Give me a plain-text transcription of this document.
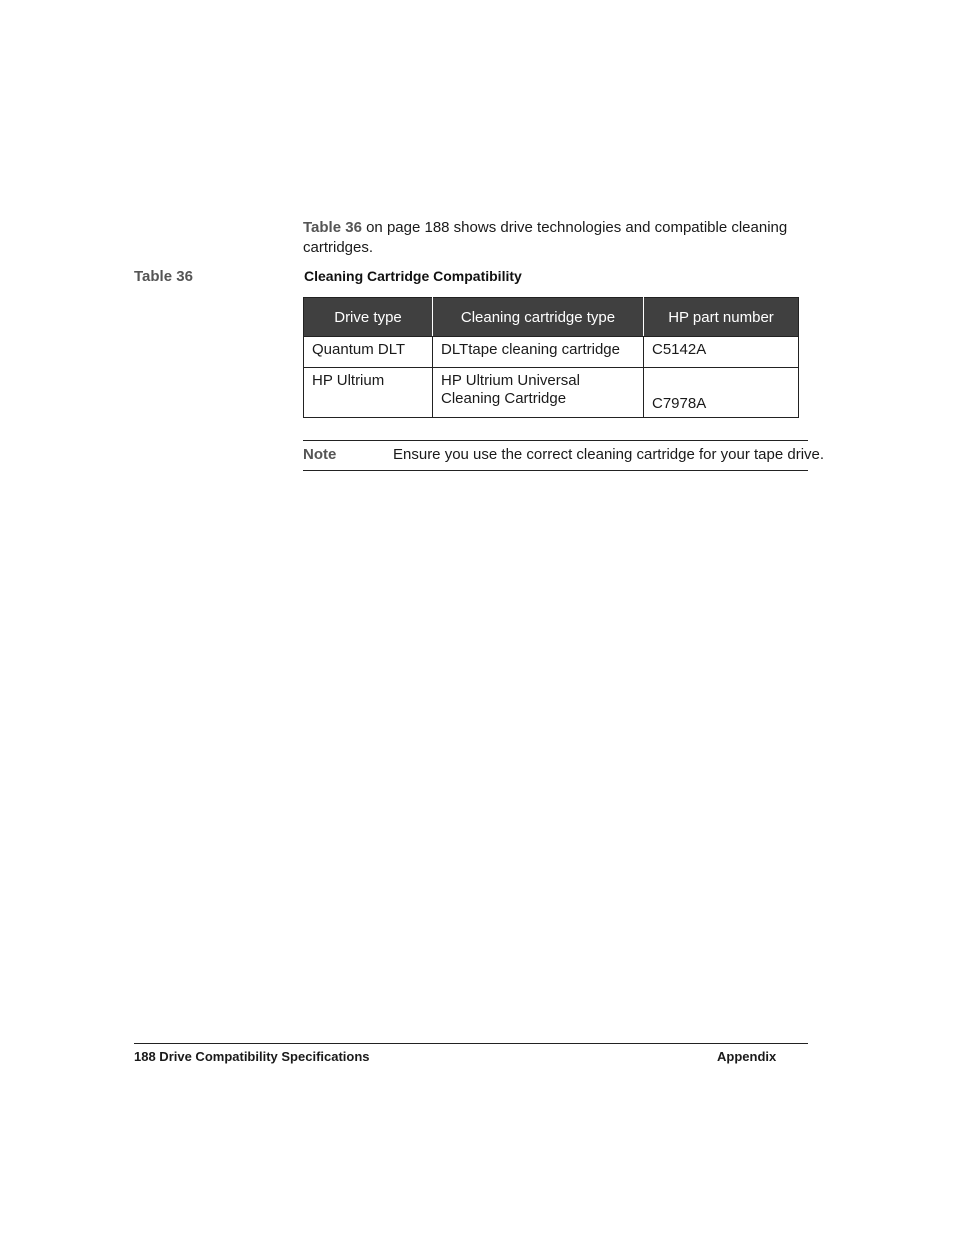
Table 36 on page 188 shows drive technologies and compatible cleaning cartridges.

Table 36	Cleaning Cartridge Compatibility
Drive type	Cleaning cartridge type	HP part number
Quantum DLT	DLTtape cleaning cartridge	C5142A
HP Ultrium	HP Ultrium Universal Cleaning Cartridge	C7978A
Note	Ensure you use the correct cleaning cartridge for your tape drive.
188 Drive Compatibility Specifications	Appendix
